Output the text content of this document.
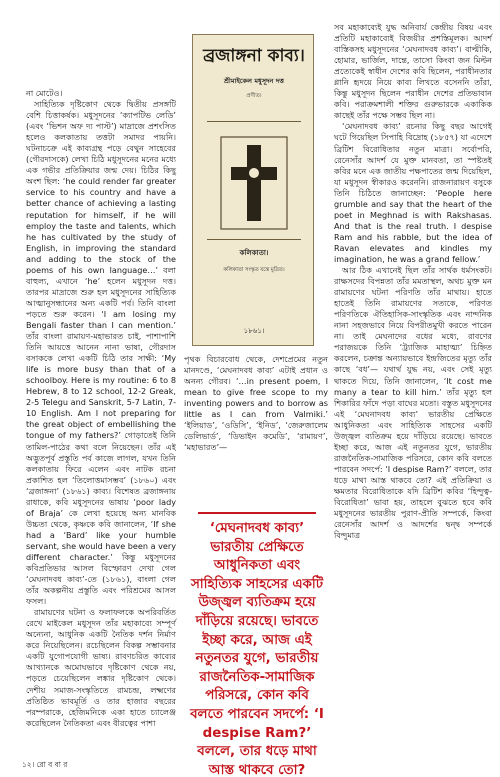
না মোটেও।

সাহিত্যিক দৃষ্টিকোণ থেকে দ্বিতীয় প্রসঙ্গটি বেশি চিত্তাকর্ষক। মধুসূদনের ‘ক্যাপটিভ লেডি’ (এবং ‘ভিশন অফ দ্য পাস্ট’) মাদ্রাজে প্রশংসিত হলেও কলকাতায় তত্তটা সমাদর পায়নি। ঘটনাচক্রে এই কাব্যগ্রন্থ পড়ে বেথুন সাহেবের (গৌরদাসকে) লেখা চিঠি মধুসূদনের মনের মধ্যে এক গভীর প্রতিক্রিয়ার জন্ম দেয়। চিঠির কিছু অংশ ছিল: ‘he could render far greater service to his country and have a better chance of achieving a lasting reputation for himself, if he will employ the taste and talents, which he has cultivated by the study of English, in improving the standard and adding to the stock of the poems of his own language…’ বলা বাহুল্য, এখানে ‘he’ হলেন মধুসূদন দত্ত। তারপর মাদ্রাজে শুরু হল মধুসূদনের সাহিত্যিক আত্মানুসন্ধানের অন্য একটি পর্ব। তিনি বাংলা পড়তে শুরু করেন। ‘I am losing my Bengali faster than I can mention.’ তাঁর বাংলা রামায়ণ-মহাভারত চাই, পাশাপাশি তিনি আয়ত্তে আনেন নানা ভাষা, গৌরদাস বসাককে লেখা একটি চিঠি তার সাক্ষী: ‘My life is more busy than that of a schoolboy. Here is my routine: 6 to 8 Hebrew, 8 to 12 school, 12-2 Greak, 2-5 Telegu and Sanskrit, 5-7 Latin, 7-10 English. Am I not preparing for the great object of embellishing the tongue of my fathers?’ গোড়াতেই তিনি তামিল-পাঠের কথা বলে নিয়েছেন। তাঁর এই অদ্ভুতপূর্ব প্রস্তুতি পর্ব কাজে লাগল, যখন তিনি কলকাতায় ফিরে এলেন এবং নাটক রচনা প্রকাশিত হল ‘তিলোত্তমাসম্ভব’ (১৮৬০) এবং ‘ব্রজাঙ্গনা’ (১৮৬১) কাব্য। বিশেষত ব্রজাঙ্গনায় রাধাকে, কবি মধুসূদনের ভাষায় ‘poor lady of Braja’ কে লেখা হয়েছে অন্য মানবিক উচ্চতা থেকে, কৃষ্ণকে কবি জানালেন, ‘If she had a ‘Bard’ like your humble servant, she would have been a very different character.’ কিন্তু মধুসূদনের কবিপ্রতিভার আসল বিস্ফোরণ দেখা গেল ‘মেঘনাদবধ কাব্য’-তে (১৮৬১), বাংলা গেল তাঁর অকল্পনীয় প্রস্তুতি এবং পরিশ্রমের আসল ফসল।

রামায়ণের ঘটনা ও ফলাফলকে অপরিবর্তিত রেখে মাইকেল মধুসূদন তাঁর মহাকাব্যে সম্পূর্ণ অন্যেনা, আধুনিক একটি নৈতিক দর্শন নির্মাণ করে নিয়েছিলেন। রচেছিলেন বিকল্প সম্ভাবনার একটি যুগোপযোগী ভাষ্য। রাবণচরিত কাব্যের আখ্যানকে অমোঘভাবে দৃষ্টিকোণ থেকে নয়, পড়তে চেয়েছিলেন লঙ্কার দৃষ্টিকোণ থেকে। দেশীয় সমাজ-সংস্কৃতিতে রামচন্দ্র, লক্ষ্মণের প্রতিষ্ঠিত ভাবমূর্তি ও তার হাজার বছরের পরম্পরাকে, হেজিমনিকে একা হাতে চ্যালেঞ্জ করেছিলেন নৈতিকতা এবং বীরত্বের পাশা

ব্রজাঙ্গনা কাব্য।
শ্রীমাইকেল মধুসূদন দত্ত
প্রণীত।
কলিকাতা।
কলিকাতা সংস্কৃত যন্ত্রে মুদ্রিত।
১৮৬১।

পৃথক বিচারবোধ থেকে, দেশপ্রেমের নতুন মানদণ্ডে, ‘মেঘনাদবধ কাব্য’ এটাই প্রধান ও অনন্য গৌরব। ‘…in present poem, I mean to give free scope to my inventing powers and to borrow as little as I can from Valmiki.’ ‘ইলিয়াড’, ‘ওডিসি’, ‘ইনিড’, ‘জেরুজালেম ডেলিভার্ড’, ‘ডিভাইন কমেডি’, ‘রামায়ণ’, ‘মহাভারত’—

‘মেঘনাদবধ কাব্য’ ভারতীয় প্রেক্ষিতে আধুনিকতা এবং সাহিত্যিক সাহসের একটি উজ্জ্বল ব্যতিক্রম হয়ে দাঁড়িয়ে রয়েছে। ভাবতে ইচ্ছা করে, আজ এই নতুনতর যুগে, ভারতীয় রাজনৈতিক-সামাজিক পরিসরে, কোন কবি বলতে পারবেন সদর্পে: ‘I despise Ram?’ বললে, তার ধড়ে মাথা আস্ত থাকবে তো?

সব মহাকাব্যেই যুদ্ধ অনিবার্য কেন্দ্রীয় বিষয় এবং প্রতিটি মহাকাব্যেই বিজয়ীর প্রশস্তিমূলক। আদর্শ বাস্তিকসহ মধুসূদনের ‘মেঘনাদবধ কাব্য’। বাল্মীকি, হোমার, ভার্জিল, দান্তে, তাসো কিংবা জন মিল্টন প্রত্যেকেই স্বাধীন দেশের কবি ছিলেন, পরাধীনতার গ্লানি হৃদয়ে নিয়ে কাব্য লিখতে বসেননি তাঁরা, কিন্তু মধুসূদন ছিলেন পরাধীন দেশের প্রতিভাবান কবি। পরাক্রমশালী শক্তির গুরুভারকে একাকিক কাছেই তাঁর পক্ষে সম্ভব ছিল না।

‘মেঘনাদবধ কাব্য’ রচনার কিছু বছর আগেই ঘটে গিয়েছিল সিপাহি বিদ্রোহ (১৮৫৭) যা এদেশে ব্রিটিশ বিরোধিতার নতুন মাত্রা। সর্বোপরি, রেনেসাঁর আদর্শ যে মুক্ত মানবতা, তা স্পষ্টতই কবির মনে এক জাতীয় পক্ষপাতের জন্ম দিয়েছিল, যা মধুসূদন স্বীকারও করেননি। রাজনারায়ণ বসুকে তিনি চিঠিতে জানাচ্ছেন: ‘People here grumble and say that the heart of the poet in Meghnad is with Rakshasas. And that is the real truth. I despise Ram and his rabble, but the idea of Ravan elevates and kindles my imagination, he was a grand fellow.’

আর ঠিক এখানেই ছিল তাঁর সার্থক ধর্মসংকট। রাক্ষসদের বিপন্নতা তাঁর মমতাস্থল, অথচ মুক্ত মন রামায়ণের ঘটনা পরিণতি তাঁর মাথায়। হাতে হাতেই তিনি রামায়ণের সত্যকে, পরিণত পরিণতিকে ঐতিহাসিক-সাংস্কৃতিক এবং নান্দনিক নানা সহজভাবে নিয়ে বিপরীতমুখী করতে পারেন না। তাই মেঘনাদের বধের মধ্যে, রাবণের পরাজয়কে তিনি ‘ট্র্যাজিক মাহাত্ম্য’ চিহ্নিত করলেন, চক্রান্ত অন্যায়ভাবে ইন্দ্রজিতের মৃত্যু তাঁর কাছে ‘বধ’— যথার্থ যুদ্ধ নয়, এবং সেই মৃত্যু থাকতে দিয়ে, তিনি জানালেন, ‘It cost me many a tear to kill him.’ তাঁর মৃত্যু হল শিকারির ফাঁদে পড়া বাঘের মতো। বস্তুত মধুসূদনের এই ‘মেঘনাদবধ কাব্য’ ভারতীয় প্রেক্ষিতে আধুনিকতা এবং সাহিত্যিক সাহসের একটি উজ্জ্বল ব্যতিক্রম হয়ে দাঁড়িয়ে রয়েছে। ভাবতে ইচ্ছা করে, আজ এই নতুনতর যুগে, ভারতীয় রাজনৈতিক-সামাজিক পরিসরে, কোন কবি বলতে পারবেন সদর্পে: ‘I despise Ram?’ বললে, তার ধড়ে মাথা আস্ত থাকবে তো? এই প্রতিক্রিয়া ও ক্ষমতার বিরোধিতাকে যদি ব্রিটিশ কবির ‘হিন্দুত্ব-বিরোধিতা’ ভাবা হয়, তাহলে বুঝতে হবে কবি মধুসূদনের ভারতীয় পুরাণ-প্রীতি সম্পর্কে, কিংবা রেনেসাঁর আদর্শ ও আদর্শের দ্বন্দ্ব সম্পর্কে বিন্দুমাত্র

১২। রো ব বা র
